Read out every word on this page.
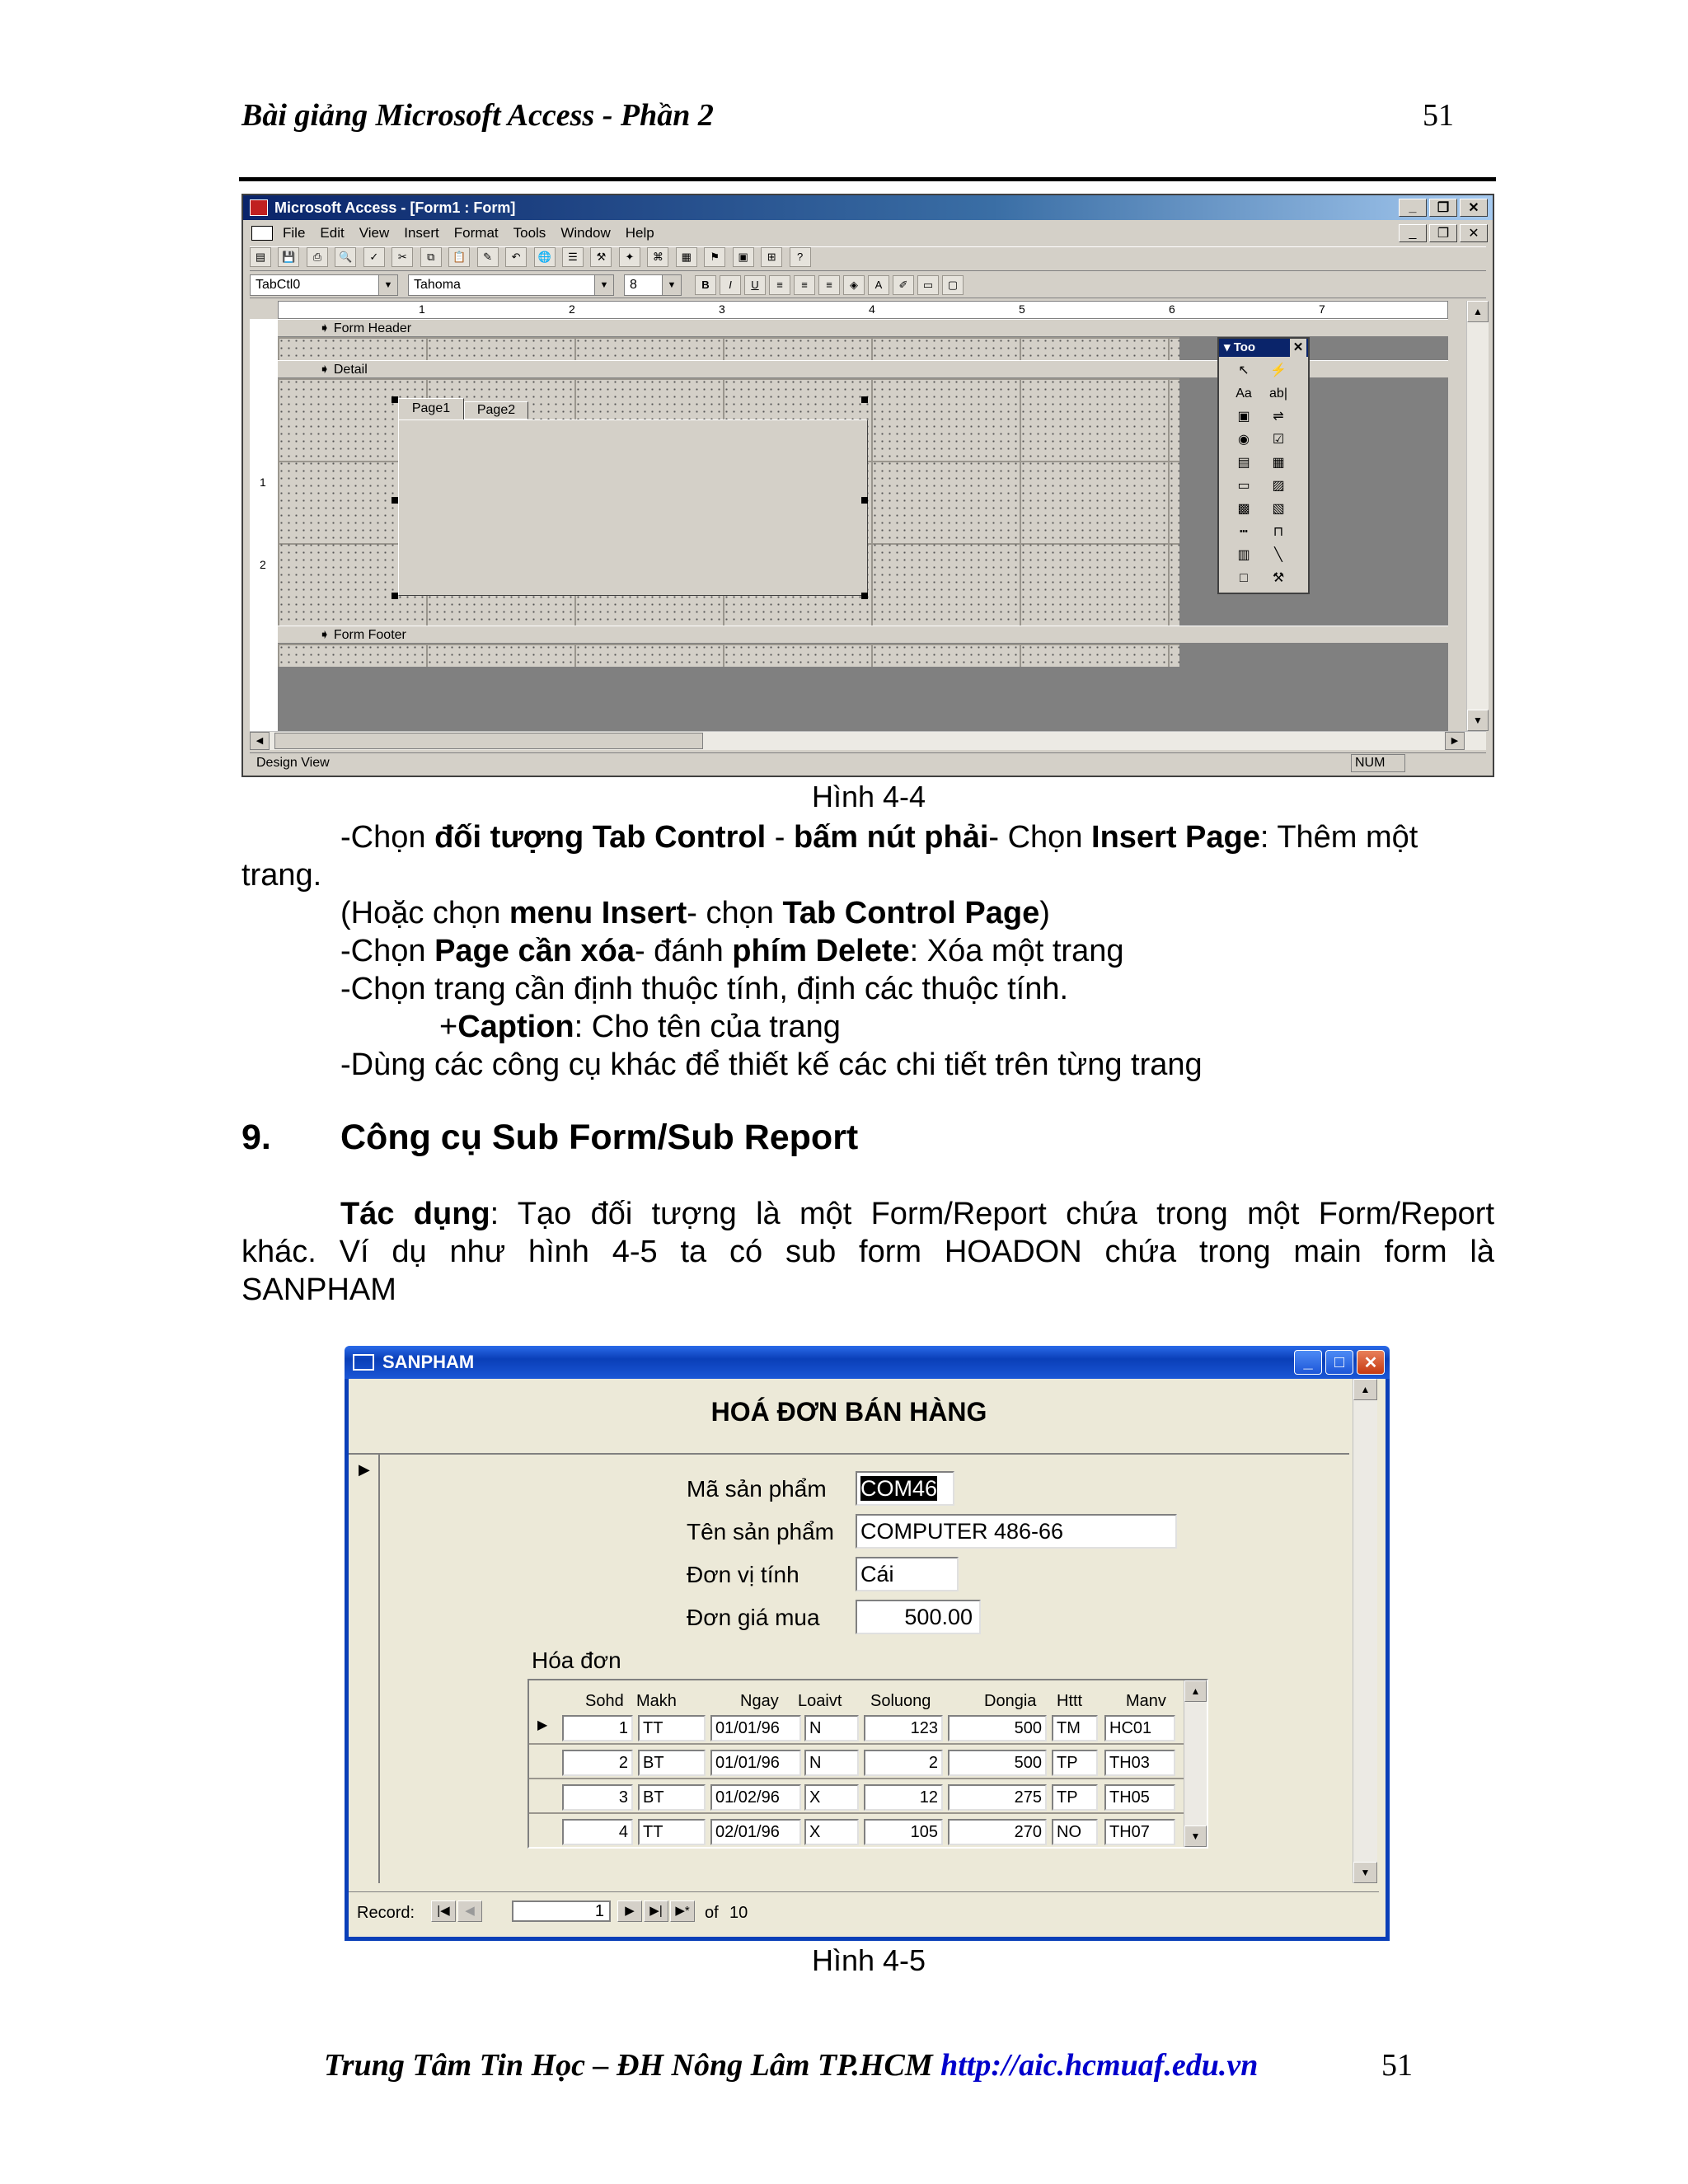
Bài giảng Microsoft Access - Phần 2	51
Microsoft Access - [Form1 : Form]	_	❐	✕
File Edit View Insert Format Tools Window Help	_	❐	✕
▤ 💾 ⎙ 🔍 ✓ ✂ ⧉ 📋 ✎ ↶ 🌐 ☰ ⚒ ✦ ⌘ ▦ ⚑ ▣ ⊞ ?
TabCtl0	▼	Tahoma	▼	8	▼	B	I	U	≡	≡	≡	◈	A	✐	▭	▢
2
1	3	4	5	6	7
1
2
➧ Form Header
➧ Detail
Page1	Page2
➧ Form Footer
▲
▼
◀	▶
Design View	NUM
▾ Too	✕
↖	⚡
Aa	ab|
▣	⇌
◉	☑
▤	▦
▭	▨
▩	▧
┅	⊓
▥	╲
□	⚒
Hình 4-4
-Chọn đối tượng Tab Control - bấm nút phải- Chọn Insert Page: Thêm một
trang.
(Hoặc chọn menu Insert- chọn Tab Control Page)
-Chọn Page cần xóa- đánh phím Delete: Xóa một trang
-Chọn trang cần định thuộc tính, định các thuộc tính.
+Caption: Cho tên của trang
-Dùng các công cụ khác để thiết kế các chi tiết trên từng trang
9. Công cụ Sub Form/Sub Report
Tác dụng: Tạo đối tượng là một Form/Report chứa trong một Form/Report
khác. Ví dụ như hình 4-5 ta có sub form HOADON chứa trong main form là
SANPHAM
SANPHAM	_	□	✕
HOÁ ĐƠN BÁN HÀNG
▶
Mã sản phẩm COM46
Tên sản phẩm COMPUTER 486-66
Đơn vị tính	Cái
Đơn giá mua	500.00
Hóa đơn
Sohd Makh	Ngay Loaivt Soluong	Dongia Httt	Manv
▶	1 TT	01/01/96	N	123	500 TM	HC01
2 BT	01/01/96	N	2	500 TP	TH03
3 BT	01/02/96	X	12	275 TP	TH05
4 TT	02/01/96	X	105	270 NO	TH07
▲
▼
▲
▼
Record:	|◀ ◀	1	▶ ▶| ▶* of 10
Hình 4-5
Trung Tâm Tin Học – ĐH Nông Lâm TP.HCM http://aic.hcmuaf.edu.vn	51
